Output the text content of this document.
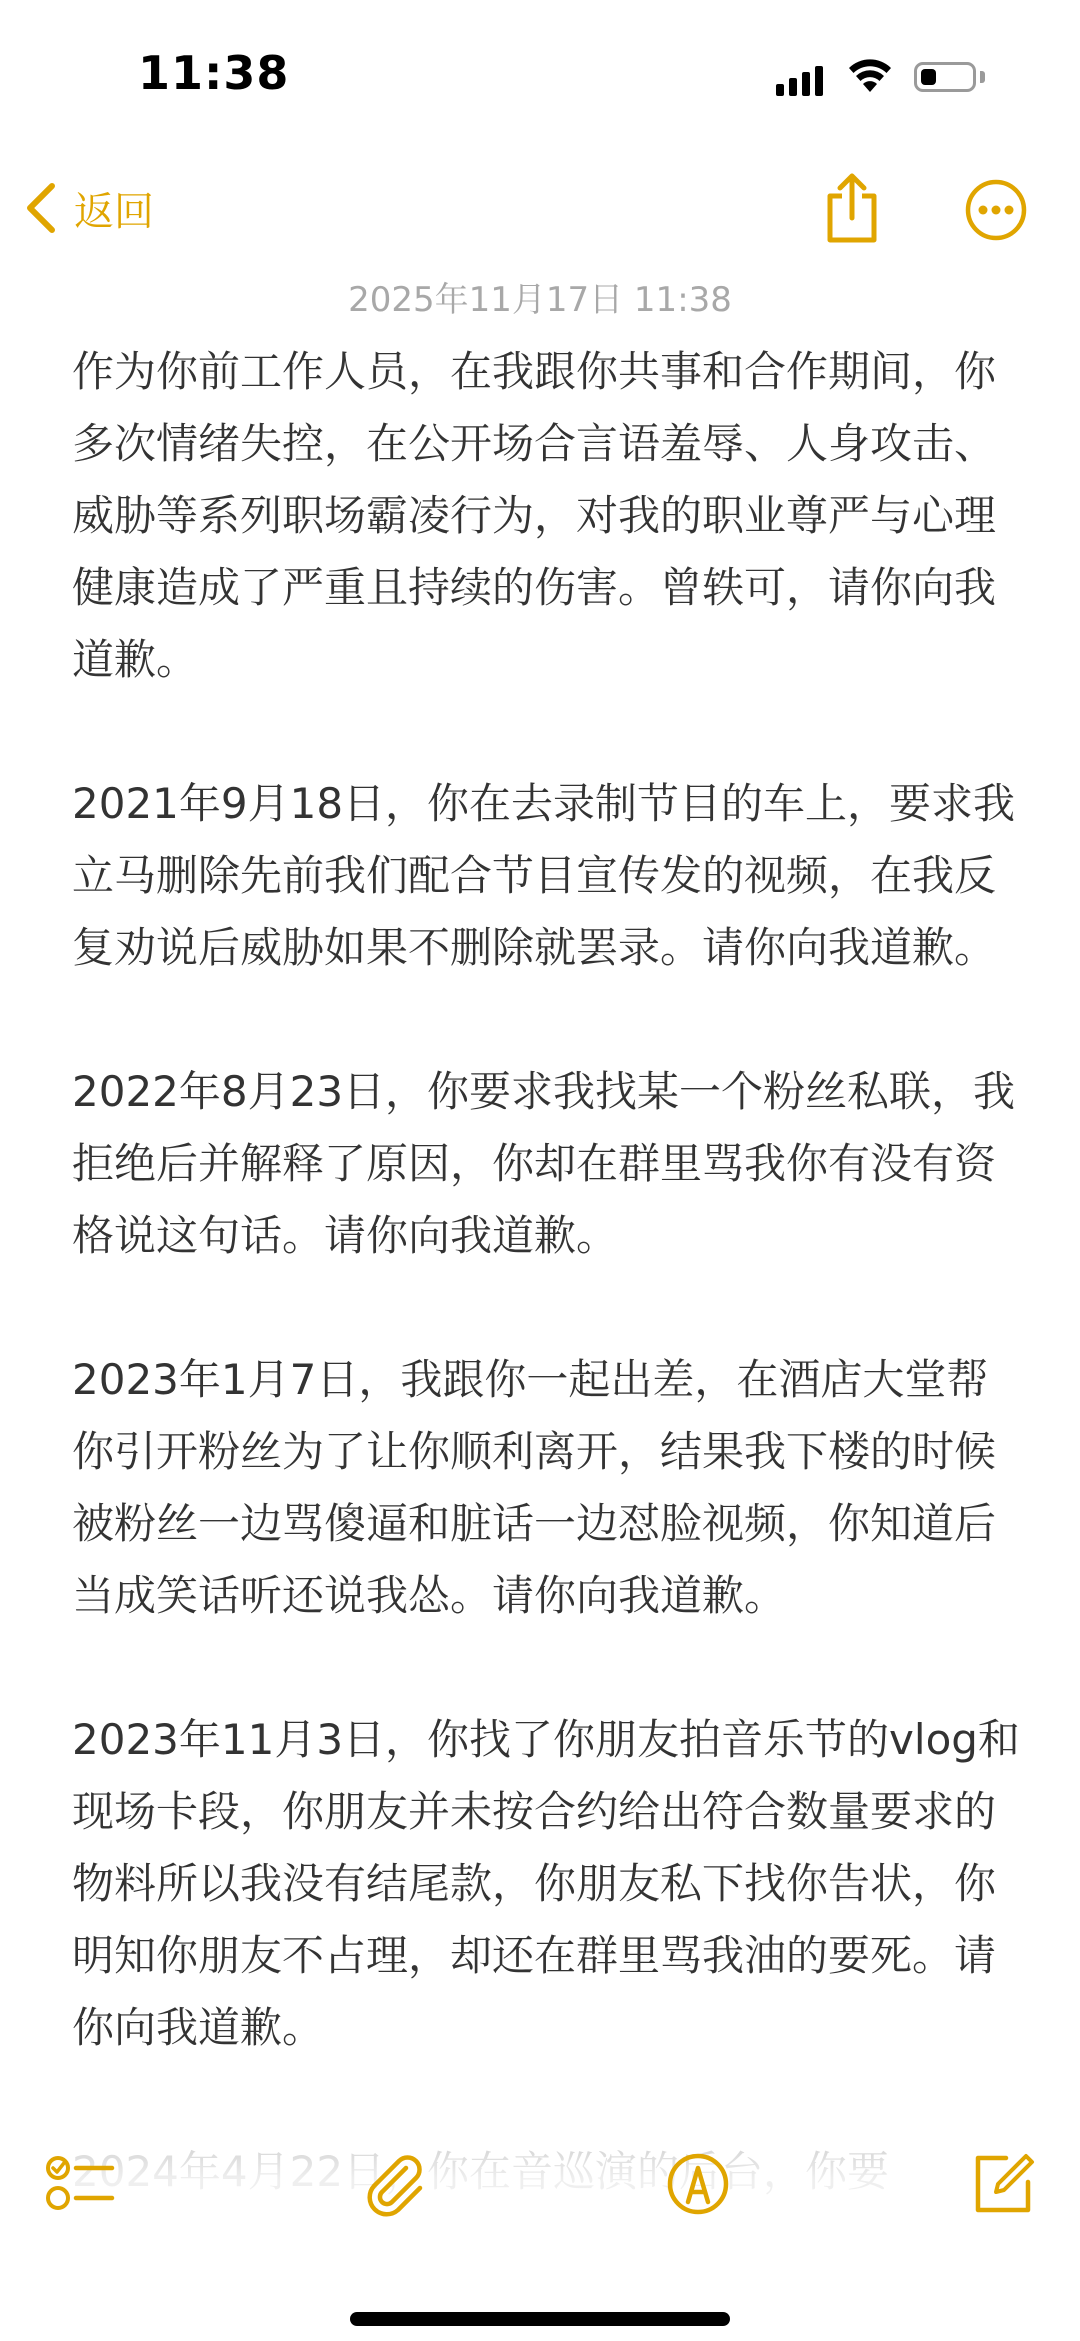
11:38
返回
2025年11月17日 11:38

作为你前工作人员，在我跟你共事和合作期间，你多次情绪失控，在公开场合言语羞辱、人身攻击、威胁等系列职场霸凌行为，对我的职业尊严与心理健康造成了严重且持续的伤害。曾轶可，请你向我道歉。

2021年9月18日，你在去录制节目的车上，要求我立马删除先前我们配合节目宣传发的视频，在我反复劝说后威胁如果不删除就罢录。请你向我道歉。

2022年8月23日，你要求我找某一个粉丝私联，我拒绝后并解释了原因，你却在群里骂我你有没有资格说这句话。请你向我道歉。

2023年1月7日，我跟你一起出差，在酒店大堂帮你引开粉丝为了让你顺利离开，结果我下楼的时候被粉丝一边骂傻逼和脏话一边怼脸视频，你知道后当成笑话听还说我怂。请你向我道歉。

2023年11月3日，你找了你朋友拍音乐节的vlog和现场卡段，你朋友并未按合约给出符合数量要求的物料所以我没有结尾款，你朋友私下找你告状，你明知你朋友不占理，却还在群里骂我油的要死。请你向我道歉。
